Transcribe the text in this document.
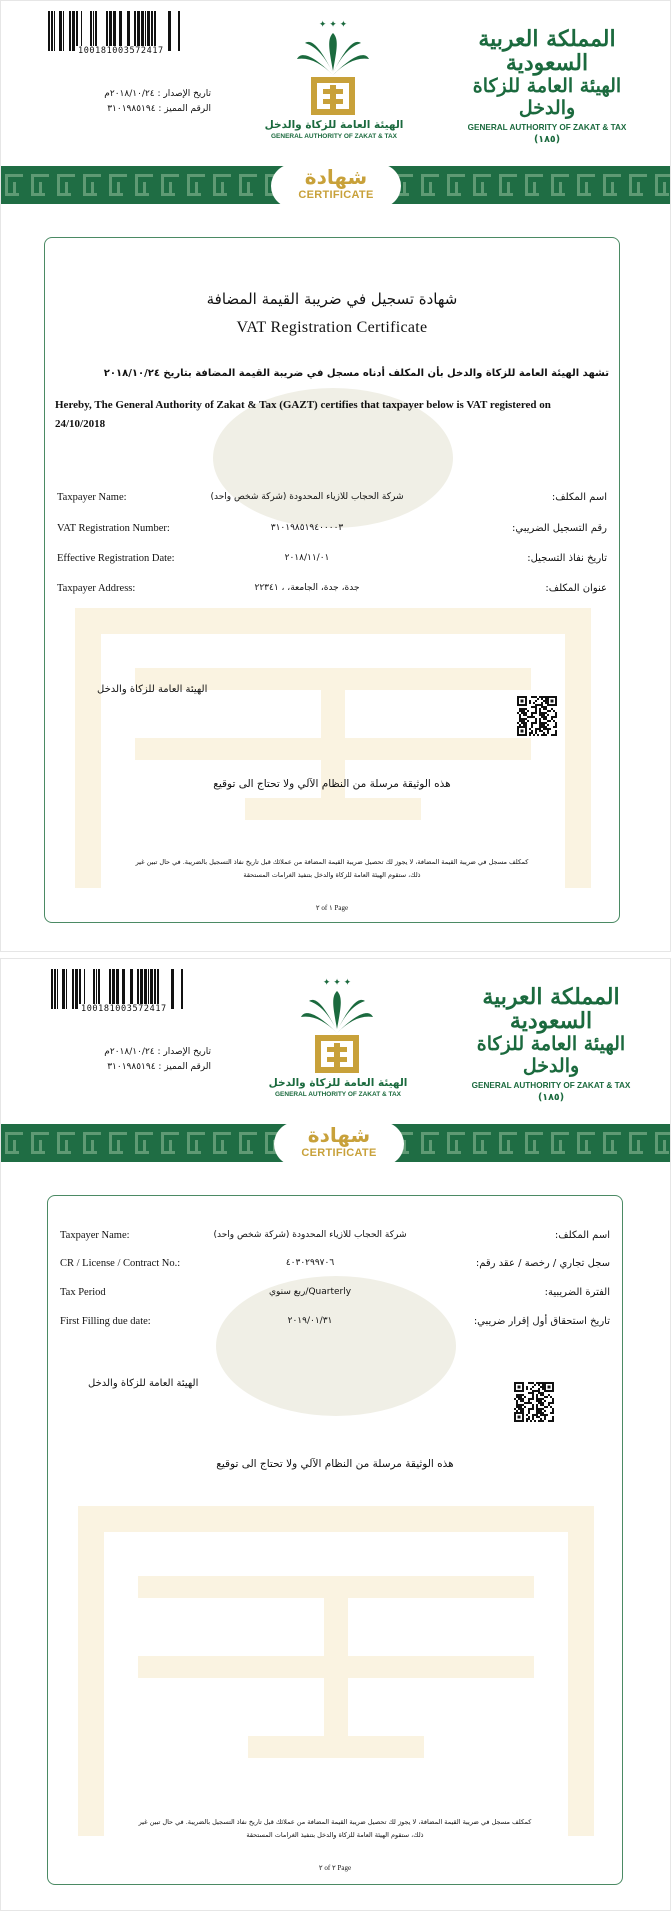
100181003572417
تاريخ الإصدار : ٢٠١٨/١٠/٢٤م
الرقم المميز : ٣١٠١٩٨٥١٩٤
✦ ✦ ✦
الهيئة العامة للزكاة والدخل
GENERAL AUTHORITY OF ZAKAT & TAX
المملكة العربية السعودية
الهيئة العامة للزكاة والدخل
GENERAL AUTHORITY OF ZAKAT & TAX
(١٨٥)
شهادة
CERTIFICATE
شهادة تسجيل في ضريبة القيمة المضافة
VAT Registration Certificate
تشهد الهيئة العامة للزكاة والدخل بأن المكلف أدناه مسجل في ضريبة القيمة المضافة بتاريخ ٢٠١٨/١٠/٢٤
Hereby, The General Authority of Zakat & Tax (GAZT) certifies that taxpayer below is VAT registered on 24/10/2018
Taxpayer Name:	شركة الحجاب للازياء المحدودة (شركة شخص واحد)	اسم المكلف:
VAT Registration Number:	٣١٠١٩٨٥١٩٤٠٠٠٠٣	رقم التسجيل الضريبي:
Effective Registration Date:	٢٠١٨/١١/٠١	تاريخ نفاذ التسجيل:
Taxpayer Address:	جدة، جدة، الجامعة، ، ٢٢٣٤١	عنوان المكلف:
الهيئة العامة للزكاة والدخل
هذه الوثيقة مرسلة من النظام الآلي ولا تحتاج الى توقيع
كمكلف مسجل في ضريبة القيمة المضافة، لا يجوز لك تحصيل ضريبة القيمة المضافة من عملائك قبل تاريخ نفاذ التسجيل بالضريبة. في حال تبين غير
ذلك، ستقوم الهيئة العامة للزكاة والدخل بتنفيذ الغرامات المستحقة
٢ of ١ Page
100181003572417
تاريخ الإصدار : ٢٠١٨/١٠/٢٤م
الرقم المميز : ٣١٠١٩٨٥١٩٤
✦ ✦ ✦
الهيئة العامة للزكاة والدخل
GENERAL AUTHORITY OF ZAKAT & TAX
المملكة العربية السعودية
الهيئة العامة للزكاة والدخل
GENERAL AUTHORITY OF ZAKAT & TAX
(١٨٥)
شهادة
CERTIFICATE
Taxpayer Name:	شركة الحجاب للازياء المحدودة (شركة شخص واحد)	اسم المكلف:
CR / License / Contract No.:	٤٠٣٠٢٩٩٧٠٦	سجل تجاري / رخصة / عقد رقم:
Tax Period	Quarterly/ربع سنوي	الفترة الضريبية:
First Filling due date:	٢٠١٩/٠١/٣١	تاريخ استحقاق أول إقرار ضريبي:
الهيئة العامة للزكاة والدخل
هذه الوثيقة مرسلة من النظام الآلي ولا تحتاج الى توقيع
كمكلف مسجل في ضريبة القيمة المضافة، لا يجوز لك تحصيل ضريبة القيمة المضافة من عملائك قبل تاريخ نفاذ التسجيل بالضريبة. في حال تبين غير
ذلك، ستقوم الهيئة العامة للزكاة والدخل بتنفيذ الغرامات المستحقة
٢ of ٢ Page
